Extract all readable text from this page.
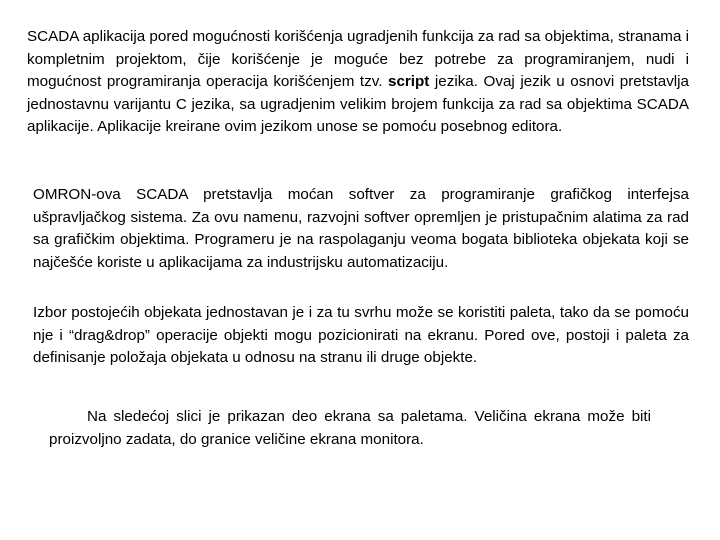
SCADA aplikacija pored mogućnosti korišćenja ugradjenih funkcija za rad sa objektima, stranama i kompletnim projektom, čije korišćenje je moguće bez potrebe za programiranjem, nudi i mogućnost programiranja operacija korišćenjem tzv. script jezika. Ovaj jezik u osnovi pretstavlja jednostavnu varijantu C jezika, sa ugradjenim velikim brojem funkcija za rad sa objektima SCADA aplikacije. Aplikacije kreirane ovim jezikom unose se pomoću posebnog editora.

OMRON-ova SCADA pretstavlja moćan softver za programiranje grafičkog interfejsa ušpravljačkog sistema. Za ovu namenu, razvojni softver opremljen je pristupačnim alatima za rad sa grafičkim objektima. Programeru je na raspolaganju veoma bogata biblioteka objekata koji se najčešće koriste u aplikacijama za industrijsku automatizaciju.

Izbor postojećih objekata jednostavan je i za tu svrhu može se koristiti paleta, tako da se pomoću nje i “drag&drop” operacije objekti mogu pozicionirati na ekranu. Pored ove, postoji i paleta za definisanje položaja objekata u odnosu na stranu ili druge objekte.

Na sledećoj slici je prikazan deo ekrana sa paletama. Veličina ekrana može biti proizvoljno zadata, do granice veličine ekrana monitora.
